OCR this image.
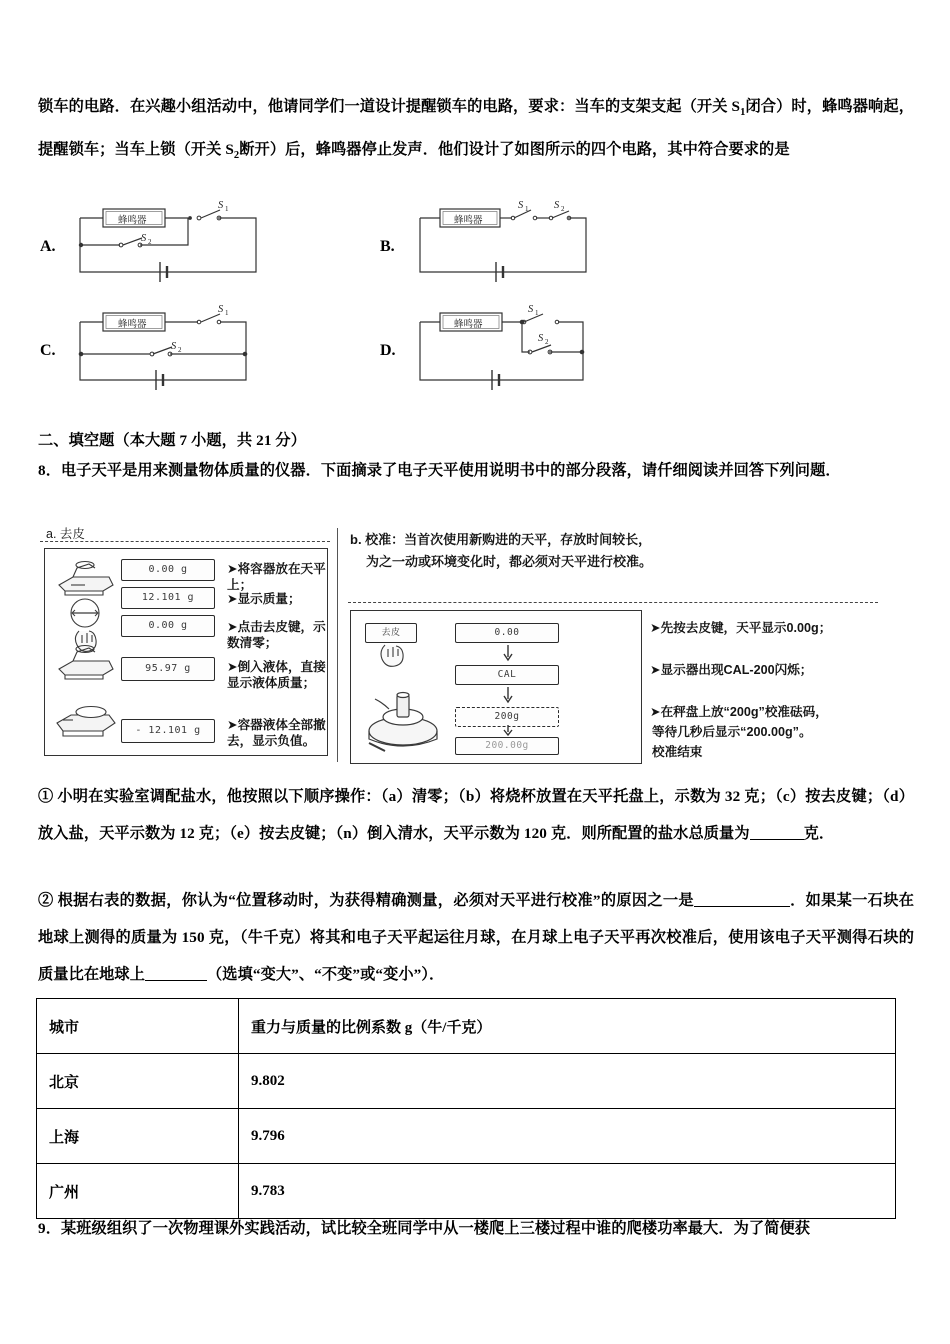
锁车的电路．在兴趣小组活动中，他请同学们一道设计提醒锁车的电路，要求：当车的支架支起（开关 $S_1$闭合）时，蜂鸣器响起，提醒锁车；当车上锁（开关 $S_2$断开）后，蜂鸣器停止发声．他们设计了如图所示的四个电路，其中符合要求的是
A.	S 2
S 1
蜂鸣器
B.
蜂鸣器
S 1 S 2
C.
蜂鸣器
S 2
S 1
D.
蜂鸣器
S 1
S 2
二、填空题（本大题 7 小题，共 21 分）
8．电子天平是用来测量物体质量的仪器．下面摘录了电子天平使用说明书中的部分段落，请仟细阅读并回答下列问题．
a. 去皮
0.00 g
12.101 g
0.00 g
95.97 g
- 12.101 g
➤将容器放在天平上；
➤显示质量；
➤点击去皮键，示数清零；
➤倒入液体，直接显示液体质量；
➤容器液体全部撤去，显示负值。
b. 校准：当首次使用新购进的天平，存放时间较长，
为之一动或环境变化时，都必须对天平进行校准。
去皮	0.00
CAL
200g
200.00g
➤先按去皮键，天平显示0.00g；
➤显示器出现CAL-200闪烁；
➤在秤盘上放“200g”校准砝码，
等待几秒后显示“200.00g”。
校准结束
① 小明在实验室调配盐水，他按照以下顺序操作：（a）清零；（b）将烧杯放置在天平托盘上，示数为 32 克；（c）按去皮键；（d）放入盐，天平示数为 12 克；（e）按去皮键；（n）倒入清水，天平示数为 120 克．则所配置的盐水总质量为	克．
② 根据右表的数据，你认为“位置移动时，为获得精确测量，必须对天平进行校准”的原因之一是	．如果某一石块在地球上测得的质量为 150 克，（牛千克）将其和电子天平起运往月球，在月球上电子天平再次校准后，使用该电子天平测得石块的质量比在地球上	（选填“变大”、“不变”或“变小”）．
城市	重力与质量的比例系数 g（牛/千克）
北京	9.802
上海	9.796
广州	9.783
9．某班级组织了一次物理课外实践活动，试比较全班同学中从一楼爬上三楼过程中谁的爬楼功率最大．为了简便获
